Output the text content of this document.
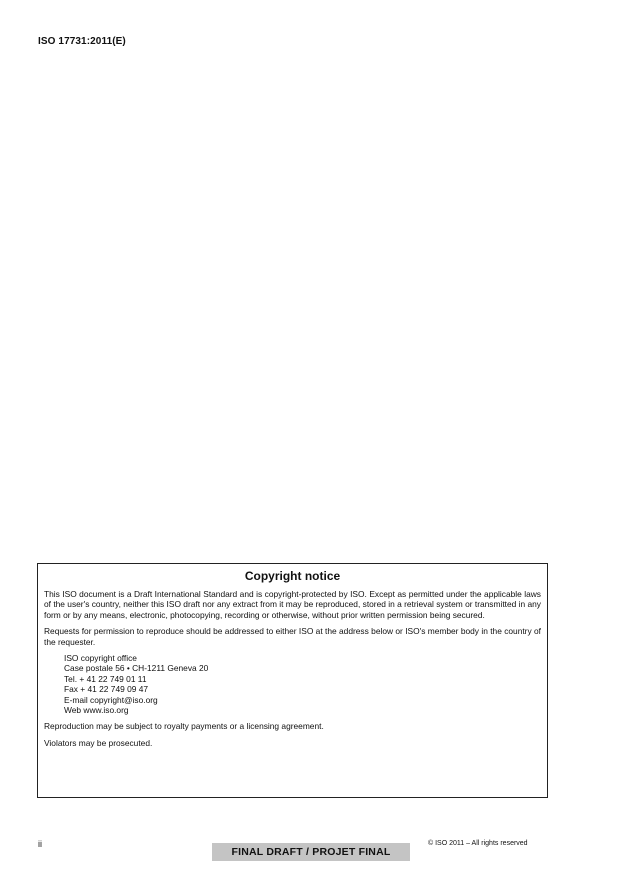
ISO 17731:2011(E)
Copyright notice

This ISO document is a Draft International Standard and is copyright-protected by ISO. Except as permitted under the applicable laws of the user's country, neither this ISO draft nor any extract from it may be reproduced, stored in a retrieval system or transmitted in any form or by any means, electronic, photocopying, recording or otherwise, without prior written permission being secured.

Requests for permission to reproduce should be addressed to either ISO at the address below or ISO's member body in the country of the requester.

ISO copyright office
Case postale 56 • CH-1211 Geneva 20
Tel. + 41 22 749 01 11
Fax + 41 22 749 09 47
E-mail copyright@iso.org
Web www.iso.org

Reproduction may be subject to royalty payments or a licensing agreement.

Violators may be prosecuted.

ii
FINAL DRAFT / PROJET FINAL
© ISO 2011 – All rights reserved
